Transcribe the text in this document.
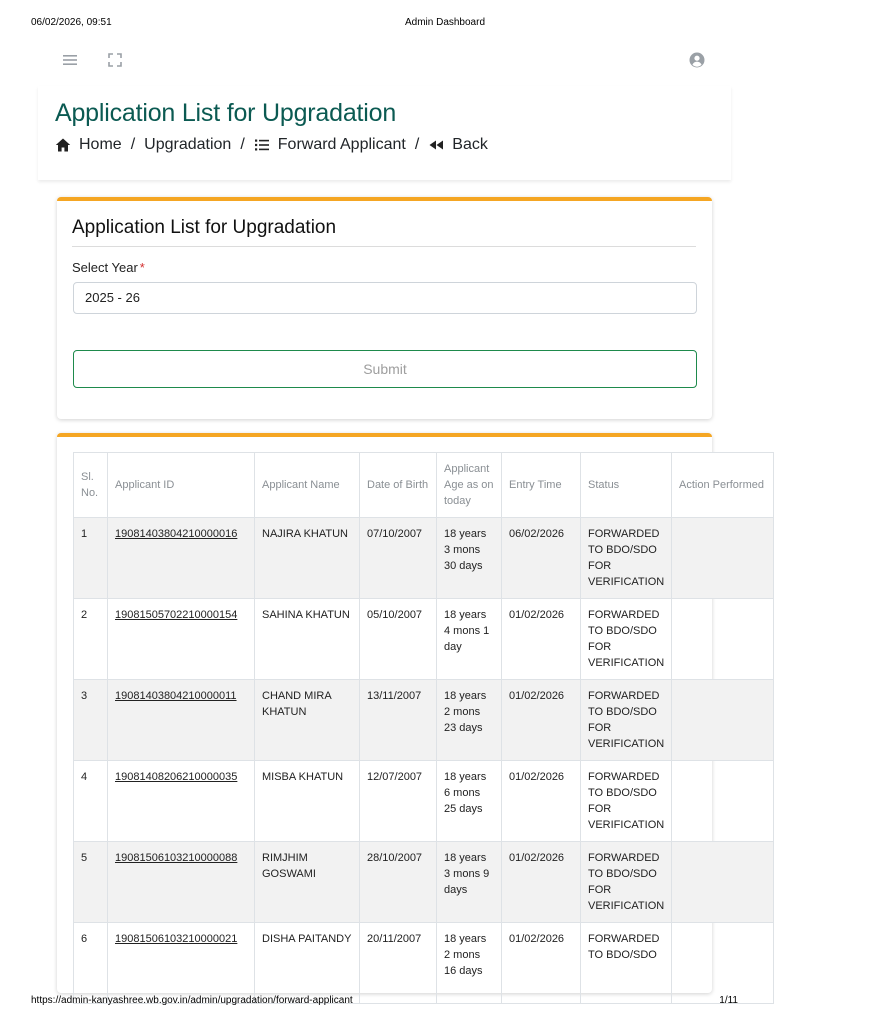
06/02/2026, 09:51	Admin Dashboard
Application List for Upgradation
Home / Upgradation / Forward Applicant / Back
Application List for Upgradation
Select Year *
2025 - 26
Submit
Sl. No.	Applicant ID	Applicant Name	Date of Birth	Applicant Age as on today	Entry Time	Status	Action Performed
1	19081403804210000016	NAJIRA KHATUN	07/10/2007	18 years 3 mons 30 days	06/02/2026	FORWARDED TO BDO/SDO FOR VERIFICATION	
2	19081505702210000154	SAHINA KHATUN	05/10/2007	18 years 4 mons 1 day	01/02/2026	FORWARDED TO BDO/SDO FOR VERIFICATION	
3	19081403804210000011	CHAND MIRA KHATUN	13/11/2007	18 years 2 mons 23 days	01/02/2026	FORWARDED TO BDO/SDO FOR VERIFICATION	
4	19081408206210000035	MISBA KHATUN	12/07/2007	18 years 6 mons 25 days	01/02/2026	FORWARDED TO BDO/SDO FOR VERIFICATION	
5	19081506103210000088	RIMJHIM GOSWAMI	28/10/2007	18 years 3 mons 9 days	01/02/2026	FORWARDED TO BDO/SDO FOR VERIFICATION	
6	19081506103210000021	DISHA PAITANDY	20/11/2007	18 years 2 mons 16 days	01/02/2026	FORWARDED TO BDO/SDO	
https://admin-kanyashree.wb.gov.in/admin/upgradation/forward-applicant	1/11
